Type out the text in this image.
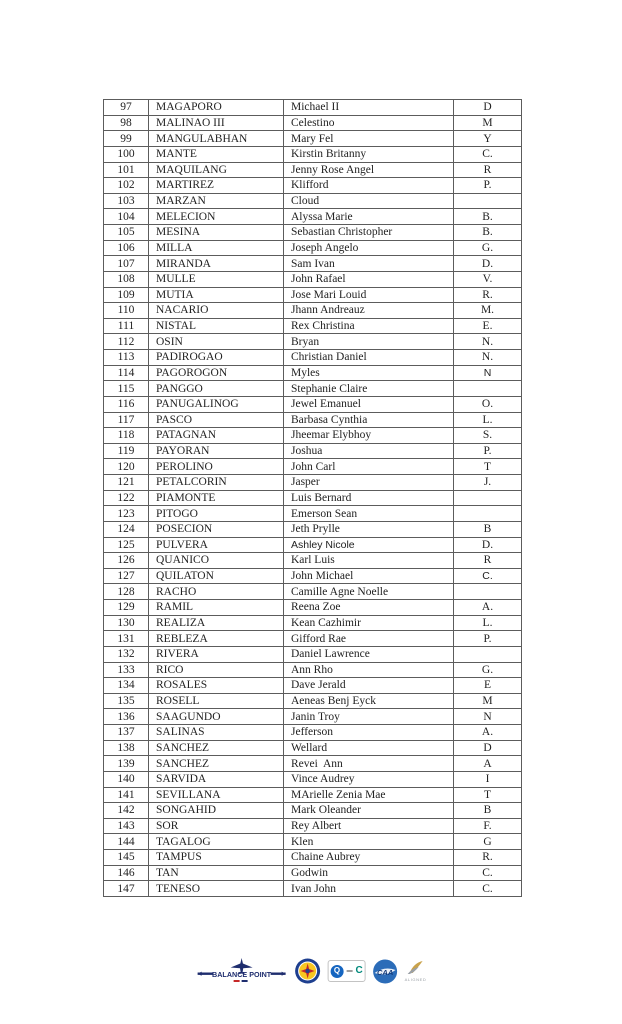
97	MAGAPORO	Michael II	D
98	MALINAO III	Celestino	M
99	MANGULABHAN	Mary Fel	Y
100	MANTE	Kirstin Britanny	C.
101	MAQUILANG	Jenny Rose Angel	R
102	MARTIREZ	Klifford	P.
103	MARZAN	Cloud	
104	MELECION	Alyssa Marie	B.
105	MESINA	Sebastian Christopher	B.
106	MILLA	Joseph Angelo	G.
107	MIRANDA	Sam Ivan	D.
108	MULLE	John Rafael	V.
109	MUTIA	Jose Mari Louid	R.
110	NACARIO	Jhann Andreauz	M.
111	NISTAL	Rex Christina	E.
112	OSIN	Bryan	N.
113	PADIROGAO	Christian Daniel	N.
114	PAGOROGON	Myles	N
115	PANGGO	Stephanie Claire	
116	PANUGALINOG	Jewel Emanuel	O.
117	PASCO	Barbasa Cynthia	L.
118	PATAGNAN	Jheemar Elybhoy	S.
119	PAYORAN	Joshua	P.
120	PEROLINO	John Carl	T
121	PETALCORIN	Jasper	J.
122	PIAMONTE	Luis Bernard	
123	PITOGO	Emerson Sean	
124	POSECION	Jeth Prylle	B
125	PULVERA	Ashley Nicole	D.
126	QUANICO	Karl Luis	R
127	QUILATON	John Michael	C.
128	RACHO	Camille Agne Noelle	
129	RAMIL	Reena Zoe	A.
130	REALIZA	Kean Cazhimir	L.
131	REBLEZA	Gifford Rae	P.
132	RIVERA	Daniel Lawrence	
133	RICO	Ann Rho	G.
134	ROSALES	Dave Jerald	E
135	ROSELL	Aeneas Benj Eyck	M
136	SAAGUNDO	Janin Troy	N
137	SALINAS	Jefferson	A.
138	SANCHEZ	Wellard	D
139	SANCHEZ	Revei  Ann	A
140	SARVIDA	Vince Audrey	I
141	SEVILLANA	MArielle Zenia Mae	T
142	SONGAHID	Mark Oleander	B
143	SOR	Rey Albert	F.
144	TAGALOG	Klen	G
145	TAMPUS	Chaine Aubrey	R.
146	TAN	Godwin	C.
147	TENESO	Ivan John	C.
BALANCE POINT	Q	C CAA
ALIGNED
